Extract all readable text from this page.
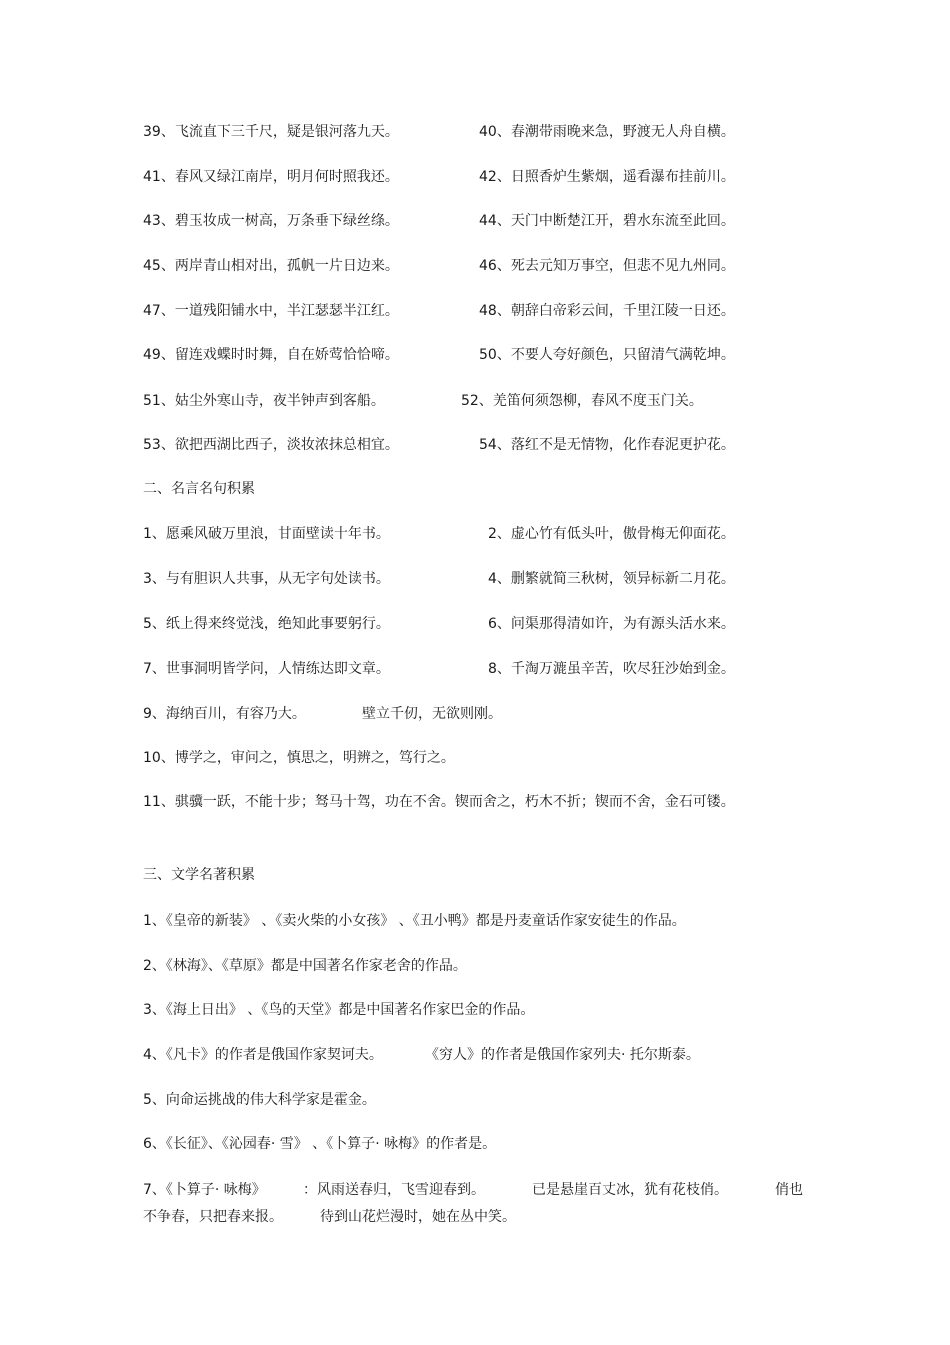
39、飞流直下三千尺，疑是银河落九天。	40、春潮带雨晚来急，野渡无人舟自横。
41、春风又绿江南岸，明月何时照我还。	42、日照香炉生紫烟，遥看瀑布挂前川。
43、碧玉妆成一树高，万条垂下绿丝绦。	44、天门中断楚江开，碧水东流至此回。
45、两岸青山相对出，孤帆一片日边来。	46、死去元知万事空，但悲不见九州同。
47、一道残阳铺水中，半江瑟瑟半江红。	48、朝辞白帝彩云间，千里江陵一日还。
49、留连戏蝶时时舞，自在娇莺恰恰啼。	50、不要人夸好颜色，只留清气满乾坤。
51、姑尘外寒山寺，夜半钟声到客船。	52、羌笛何须怨柳，春风不度玉门关。
53、欲把西湖比西子，淡妆浓抹总相宜。	54、落红不是无情物，化作春泥更护花。
二、名言名句积累
1、愿乘风破万里浪，甘面壁读十年书。	2、虚心竹有低头叶，傲骨梅无仰面花。
3、与有胆识人共事，从无字句处读书。	4、删繁就简三秋树，领异标新二月花。
5、纸上得来终觉浅，绝知此事要躬行。	6、问渠那得清如许，为有源头活水来。
7、世事洞明皆学问，人情练达即文章。	8、千淘万漉虽辛苦，吹尽狂沙始到金。
9、海纳百川，有容乃大。	壁立千仞，无欲则刚。
10、博学之，审问之，慎思之，明辨之，笃行之。
11、骐骥一跃，不能十步；驽马十驾，功在不舍。锲而舍之，朽木不折；锲而不舍，金石可镂。
三、文学名著积累
1、《皇帝的新装》 、《卖火柴的小女孩》 、《丑小鸭》都是丹麦童话作家安徒生的作品。
2、《林海》、《草原》都是中国著名作家老舍的作品。
3、《海上日出》 、《鸟的天堂》都是中国著名作家巴金的作品。
4、《凡卡》的作者是俄国作家契诃夫。	《穷人》的作者是俄国作家列夫· 托尔斯泰。
5、向命运挑战的伟大科学家是霍金。
6、《长征》、《沁园春· 雪》 、《卜算子· 咏梅》的作者是。
7、《卜算子· 咏梅》	：风雨送春归，飞雪迎春到。	已是悬崖百丈冰，犹有花枝俏。	俏也
不争春，只把春来报。	待到山花烂漫时，她在丛中笑。
